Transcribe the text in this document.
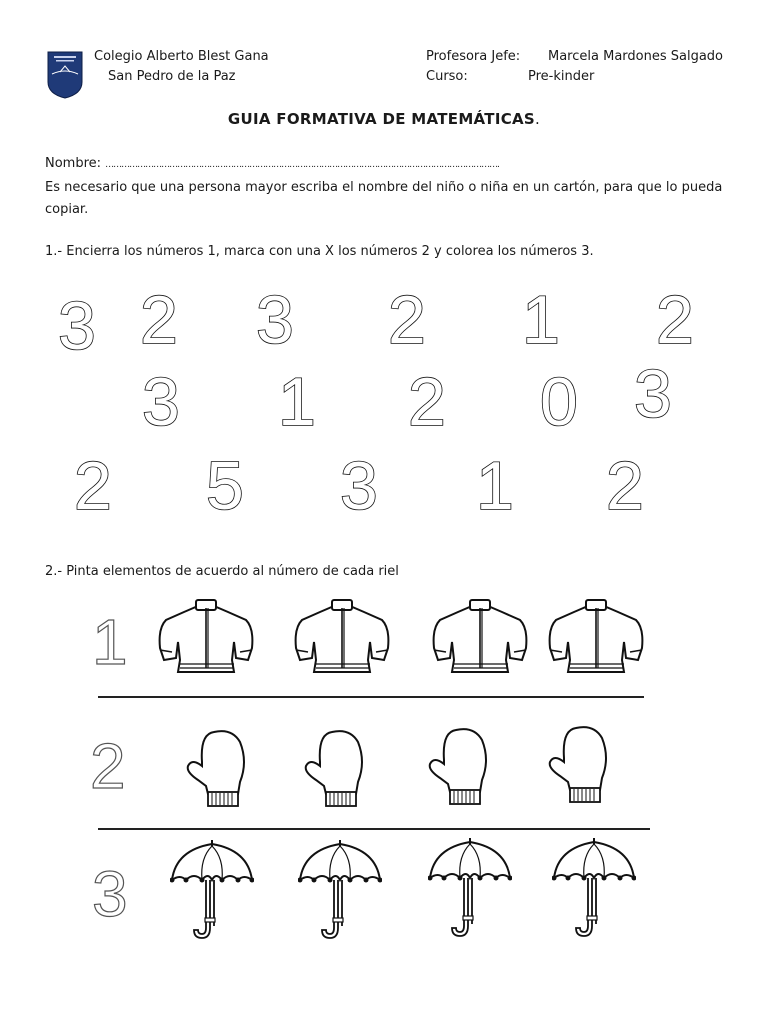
Colegio Alberto Blest Gana
San Pedro de la Paz
Profesora Jefe: Marcela Mardones Salgado
Curso:	Pre-kinder
GUIA FORMATIVA DE MATEMÁTICAS.
Nombre: ………………………………………………………………………………………………………………………………….
Es necesario que una persona mayor escriba el nombre del niño o niña en un cartón, para que lo pueda copiar.
1.- Encierra los números 1, marca con una X los números 2 y colorea los números 3.
3 2 3 2 1 2
3 1 2 0 3
2 5 3 1 2
2.- Pinta elementos de acuerdo al número de cada riel
1
2
3
